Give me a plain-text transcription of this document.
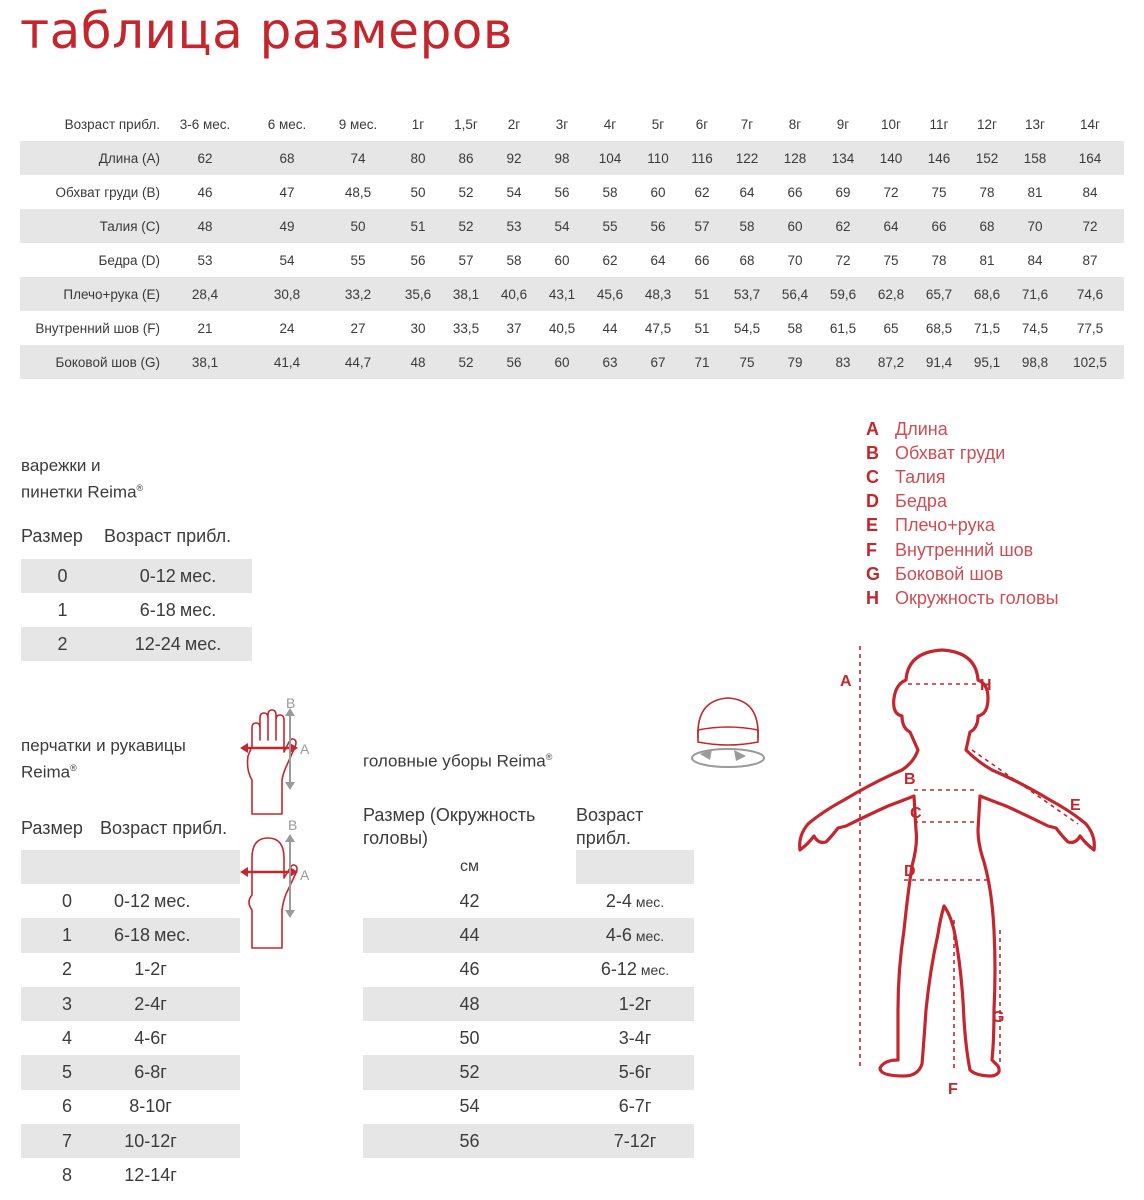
таблица размеров
Возраст прибл.	3-6 мес.	6 мес.	9 мес.	1г	1,5г	2г	3г	4г	5г	6г	7г	8г	9г	10г	11г	12г	13г	14г
Длина (A)	62	68	74	80	86	92	98	104	110	116	122	128	134	140	146	152	158	164
Обхват груди (B)	46	47	48,5	50	52	54	56	58	60	62	64	66	69	72	75	78	81	84
Талия (C)	48	49	50	51	52	53	54	55	56	57	58	60	62	64	66	68	70	72
Бедра (D)	53	54	55	56	57	58	60	62	64	66	68	70	72	75	78	81	84	87
Плечо+рука (E)	28,4	30,8	33,2	35,6	38,1	40,6	43,1	45,6	48,3	51	53,7	56,4	59,6	62,8	65,7	68,6	71,6	74,6
Внутренний шов (F)	21	24	27	30	33,5	37	40,5	44	47,5	51	54,5	58	61,5	65	68,5	71,5	74,5	77,5
Боковой шов (G)	38,1	41,4	44,7	48	52	56	60	63	67	71	75	79	83	87,2	91,4	95,1	98,8	102,5
варежки и
пинетки Reima®
Размер	Возраст прибл.
0	0-12 мес.
1	6-18 мес.
2	12-24 мес.
перчатки и рукавицы
Reima®
Размер Возраст прибл.
0	0-12 мес.
1	6-18 мес.
2	1-2г
3	2-4г
4	4-6г
5	6-8г
6	8-10г
7	10-12г
8	12-14г
B
A
B
A
головные уборы Reima®
Размер (Окружность
головы)
Возраст
прибл.
см
42	2-4 мес.
44	4-6 мес.
46	6-12 мес.
48	1-2г
50	3-4г
52	5-6г
54	6-7г
56	7-12г
A Длина
B Обхват груди
C Талия
D Бедра
E Плечо+рука
F	Внутренний шов
G Боковой шов
H Окружность головы
A	H
B
C
D
E
G
F
